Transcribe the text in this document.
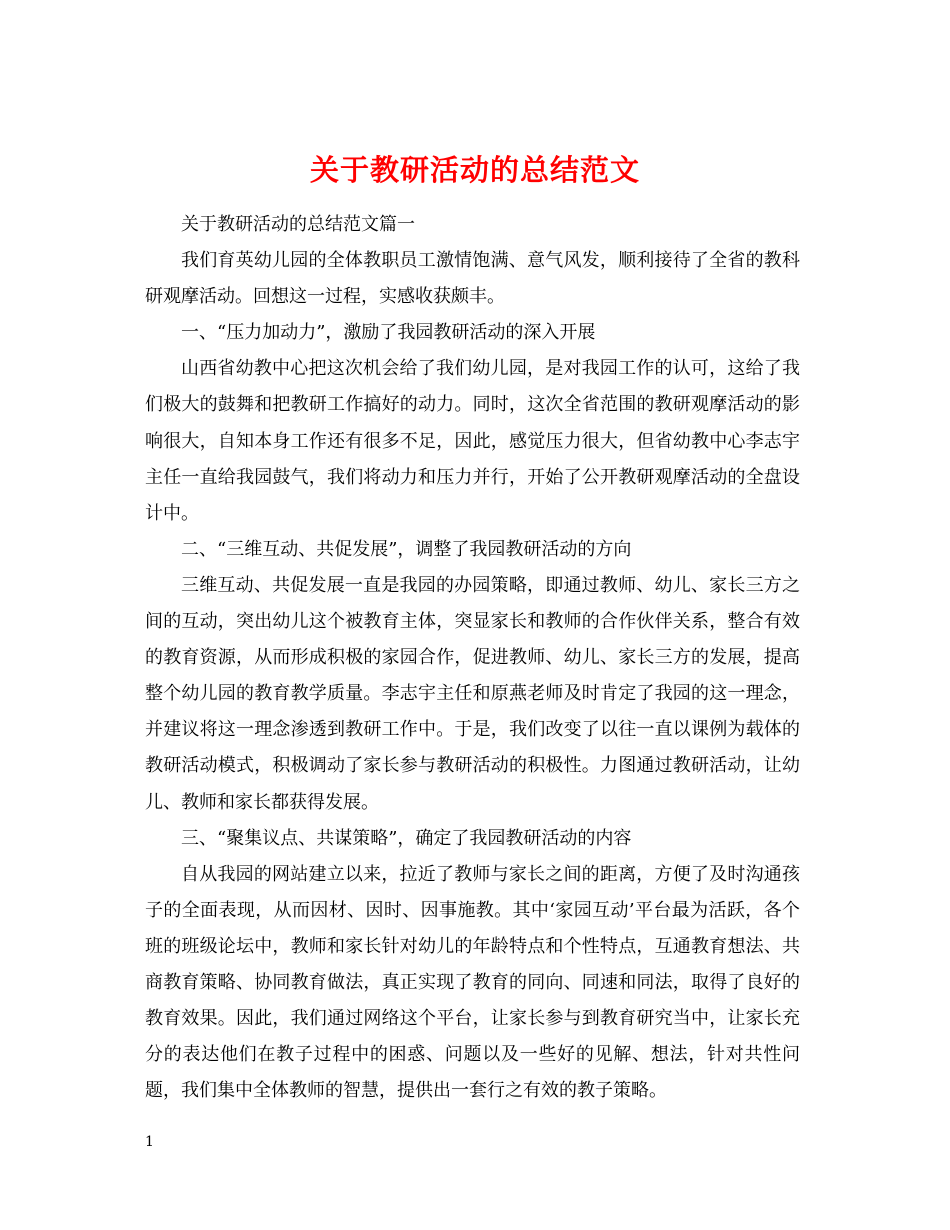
关于教研活动的总结范文

关于教研活动的总结范文篇一

我们育英幼儿园的全体教职员工激情饱满、意气风发，顺利接待了全省的教科研观摩活动。回想这一过程，实感收获颇丰。

一、“压力加动力”，激励了我园教研活动的深入开展

山西省幼教中心把这次机会给了我们幼儿园，是对我园工作的认可，这给了我们极大的鼓舞和把教研工作搞好的动力。同时，这次全省范围的教研观摩活动的影响很大，自知本身工作还有很多不足，因此，感觉压力很大，但省幼教中心李志宇主任一直给我园鼓气，我们将动力和压力并行，开始了公开教研观摩活动的全盘设计中。

二、“三维互动、共促发展”，调整了我园教研活动的方向

三维互动、共促发展一直是我园的办园策略，即通过教师、幼儿、家长三方之间的互动，突出幼儿这个被教育主体，突显家长和教师的合作伙伴关系，整合有效的教育资源，从而形成积极的家园合作，促进教师、幼儿、家长三方的发展，提高整个幼儿园的教育教学质量。李志宇主任和原燕老师及时肯定了我园的这一理念，并建议将这一理念渗透到教研工作中。于是，我们改变了以往一直以课例为载体的教研活动模式，积极调动了家长参与教研活动的积极性。力图通过教研活动，让幼儿、教师和家长都获得发展。

三、“聚集议点、共谋策略”，确定了我园教研活动的内容

自从我园的网站建立以来，拉近了教师与家长之间的距离，方便了及时沟通孩子的全面表现，从而因材、因时、因事施教。其中‘家园互动’平台最为活跃，各个班的班级论坛中，教师和家长针对幼儿的年龄特点和个性特点，互通教育想法、共商教育策略、协同教育做法，真正实现了教育的同向、同速和同法，取得了良好的教育效果。因此，我们通过网络这个平台，让家长参与到教育研究当中，让家长充分的表达他们在教子过程中的困惑、问题以及一些好的见解、想法，针对共性问题，我们集中全体教师的智慧，提供出一套行之有效的教子策略。

1
